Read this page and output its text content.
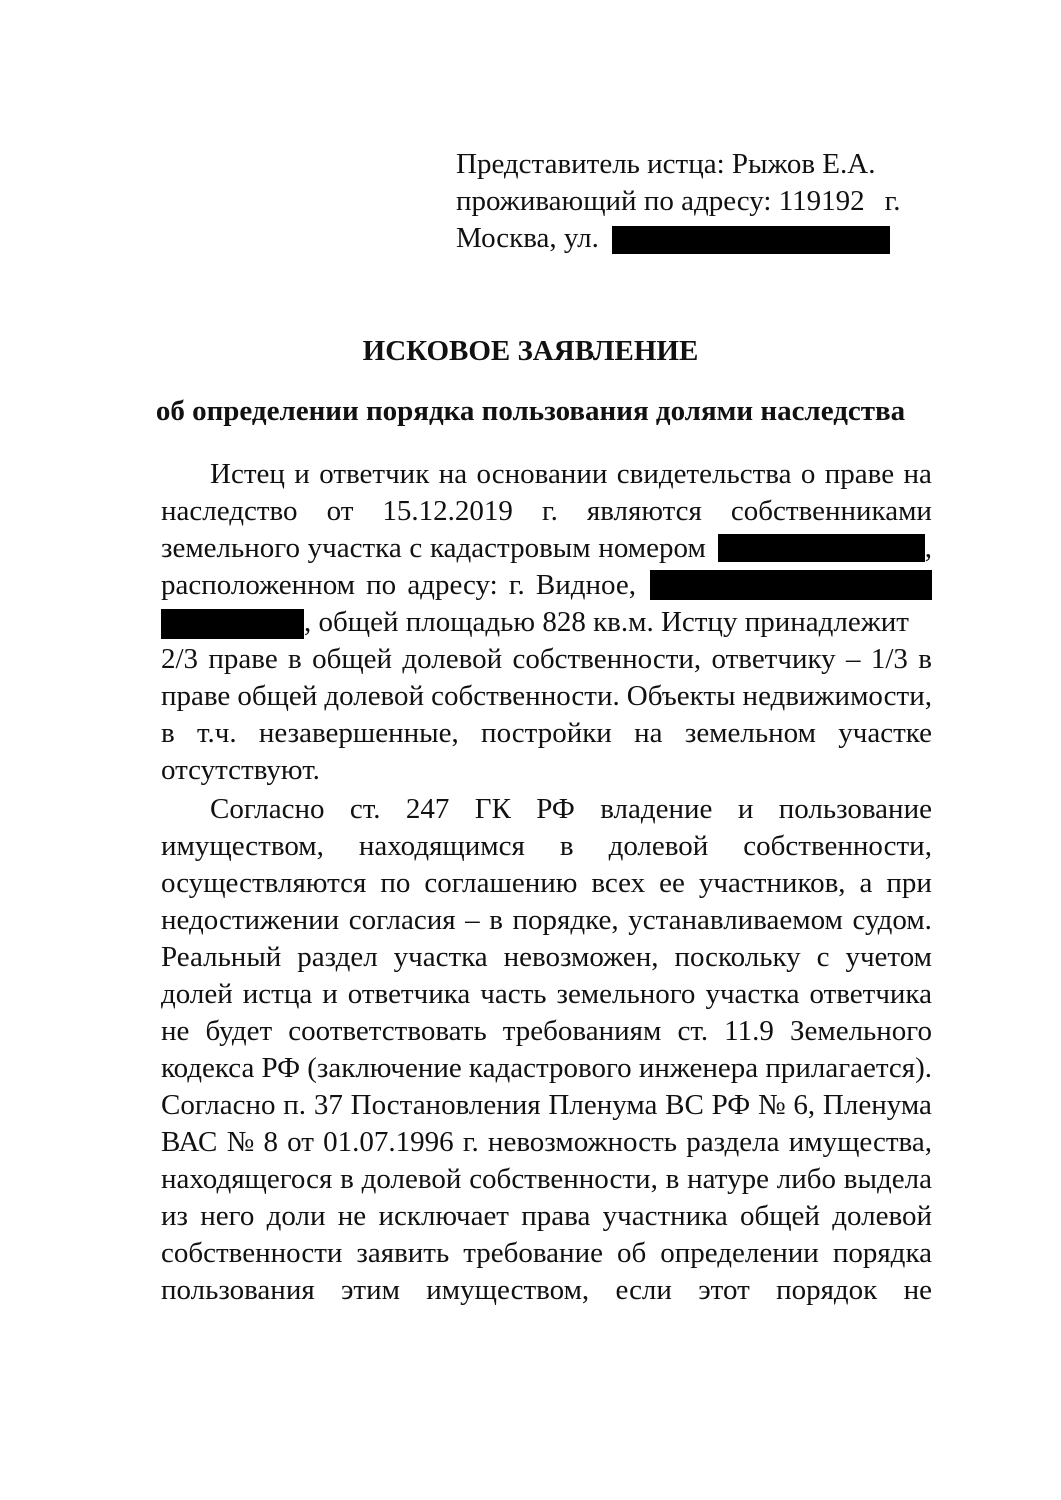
Представитель истца: Рыжов Е.А.
проживающий по адресу: 119192 г.
Москва, ул.
ИСКОВОЕ ЗАЯВЛЕНИЕ
об определении порядка пользования долями наследства
Истец и ответчик на основании свидетельства о праве на
наследство от 15.12.2019 г. являются собственниками
земельного участка с кадастровым номером	,
расположенном по адресу: г. Видное,
, общей площадью 828 кв.м. Истцу принадлежит
2/3 праве в общей долевой собственности, ответчику – 1/3 в
праве общей долевой собственности. Объекты недвижимости,
в т.ч. незавершенные, постройки на земельном участке
отсутствуют.
Согласно ст. 247 ГК РФ владение и пользование
имуществом, находящимся в долевой собственности,
осуществляются по соглашению всех ее участников, а при
недостижении согласия – в порядке, устанавливаемом судом.
Реальный раздел участка невозможен, поскольку с учетом
долей истца и ответчика часть земельного участка ответчика
не будет соответствовать требованиям ст. 11.9 Земельного
кодекса РФ (заключение кадастрового инженера прилагается).
Согласно п. 37 Постановления Пленума ВС РФ № 6, Пленума
ВАС № 8 от 01.07.1996 г. невозможность раздела имущества,
находящегося в долевой собственности, в натуре либо выдела
из него доли не исключает права участника общей долевой
собственности заявить требование об определении порядка
пользования этим имуществом, если этот порядок не
